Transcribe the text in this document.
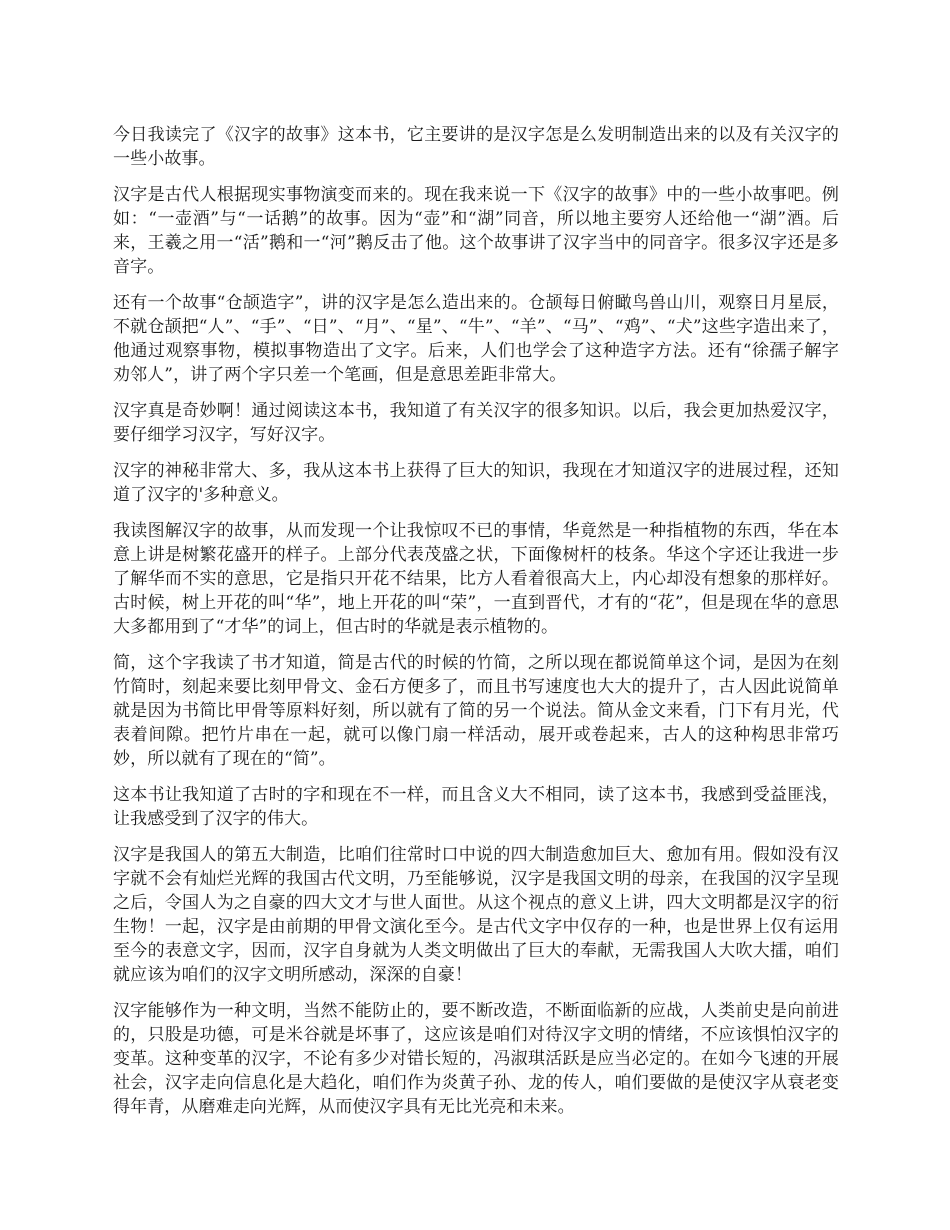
今日我读完了《汉字的故事》这本书，它主要讲的是汉字怎是么发明制造出来的以及有关汉字的一些小故事。

汉字是古代人根据现实事物演变而来的。现在我来说一下《汉字的故事》中的一些小故事吧。例如：“一壶酒”与“一话鹅”的故事。因为“壶”和“湖”同音，所以地主要穷人还给他一“湖”酒。后来，王羲之用一“活”鹅和一“河”鹅反击了他。这个故事讲了汉字当中的同音字。很多汉字还是多音字。

还有一个故事“仓颉造字”，讲的汉字是怎么造出来的。仓颉每日俯瞰鸟兽山川，观察日月星辰，不就仓颉把“人”、“手”、“日”、“月”、“星”、“牛”、“羊”、“马”、“鸡”、“犬”这些字造出来了，他通过观察事物，模拟事物造出了文字。后来，人们也学会了这种造字方法。还有“徐孺子解字劝邻人”，讲了两个字只差一个笔画，但是意思差距非常大。

汉字真是奇妙啊！通过阅读这本书，我知道了有关汉字的很多知识。以后，我会更加热爱汉字，要仔细学习汉字，写好汉字。

汉字的神秘非常大、多，我从这本书上获得了巨大的知识，我现在才知道汉字的进展过程，还知道了汉字的'多种意义。

我读图解汉字的故事，从而发现一个让我惊叹不已的事情，华竟然是一种指植物的东西，华在本意上讲是树繁花盛开的样子。上部分代表茂盛之状，下面像树杆的枝条。华这个字还让我进一步了解华而不实的意思，它是指只开花不结果，比方人看着很高大上，内心却没有想象的那样好。古时候，树上开花的叫“华”，地上开花的叫“荣”，一直到晋代，才有的“花”，但是现在华的意思大多都用到了“才华”的词上，但古时的华就是表示植物的。

简，这个字我读了书才知道，简是古代的时候的竹简，之所以现在都说简单这个词，是因为在刻竹简时，刻起来要比刻甲骨文、金石方便多了，而且书写速度也大大的提升了，古人因此说简单就是因为书简比甲骨等原料好刻，所以就有了简的另一个说法。简从金文来看，门下有月光，代表着间隙。把竹片串在一起，就可以像门扇一样活动，展开或卷起来，古人的这种构思非常巧妙，所以就有了现在的“简”。

这本书让我知道了古时的字和现在不一样，而且含义大不相同，读了这本书，我感到受益匪浅，让我感受到了汉字的伟大。

汉字是我国人的第五大制造，比咱们往常时口中说的四大制造愈加巨大、愈加有用。假如没有汉字就不会有灿烂光辉的我国古代文明，乃至能够说，汉字是我国文明的母亲，在我国的汉字呈现之后，令国人为之自豪的四大文才与世人面世。从这个视点的意义上讲，四大文明都是汉字的衍生物！一起，汉字是由前期的甲骨文演化至今。是古代文字中仅存的一种，也是世界上仅有运用至今的表意文字，因而，汉字自身就为人类文明做出了巨大的奉献，无需我国人大吹大擂，咱们就应该为咱们的汉字文明所感动，深深的自豪！

汉字能够作为一种文明，当然不能防止的，要不断改造，不断面临新的应战，人类前史是向前进的，只股是功德，可是米谷就是坏事了，这应该是咱们对待汉字文明的情绪，不应该惧怕汉字的变革。这种变革的汉字，不论有多少对错长短的，冯淑琪活跃是应当必定的。在如今飞速的开展社会，汉字走向信息化是大趋化，咱们作为炎黄子孙、龙的传人，咱们要做的是使汉字从衰老变得年青，从磨难走向光辉，从而使汉字具有无比光亮和未来。
